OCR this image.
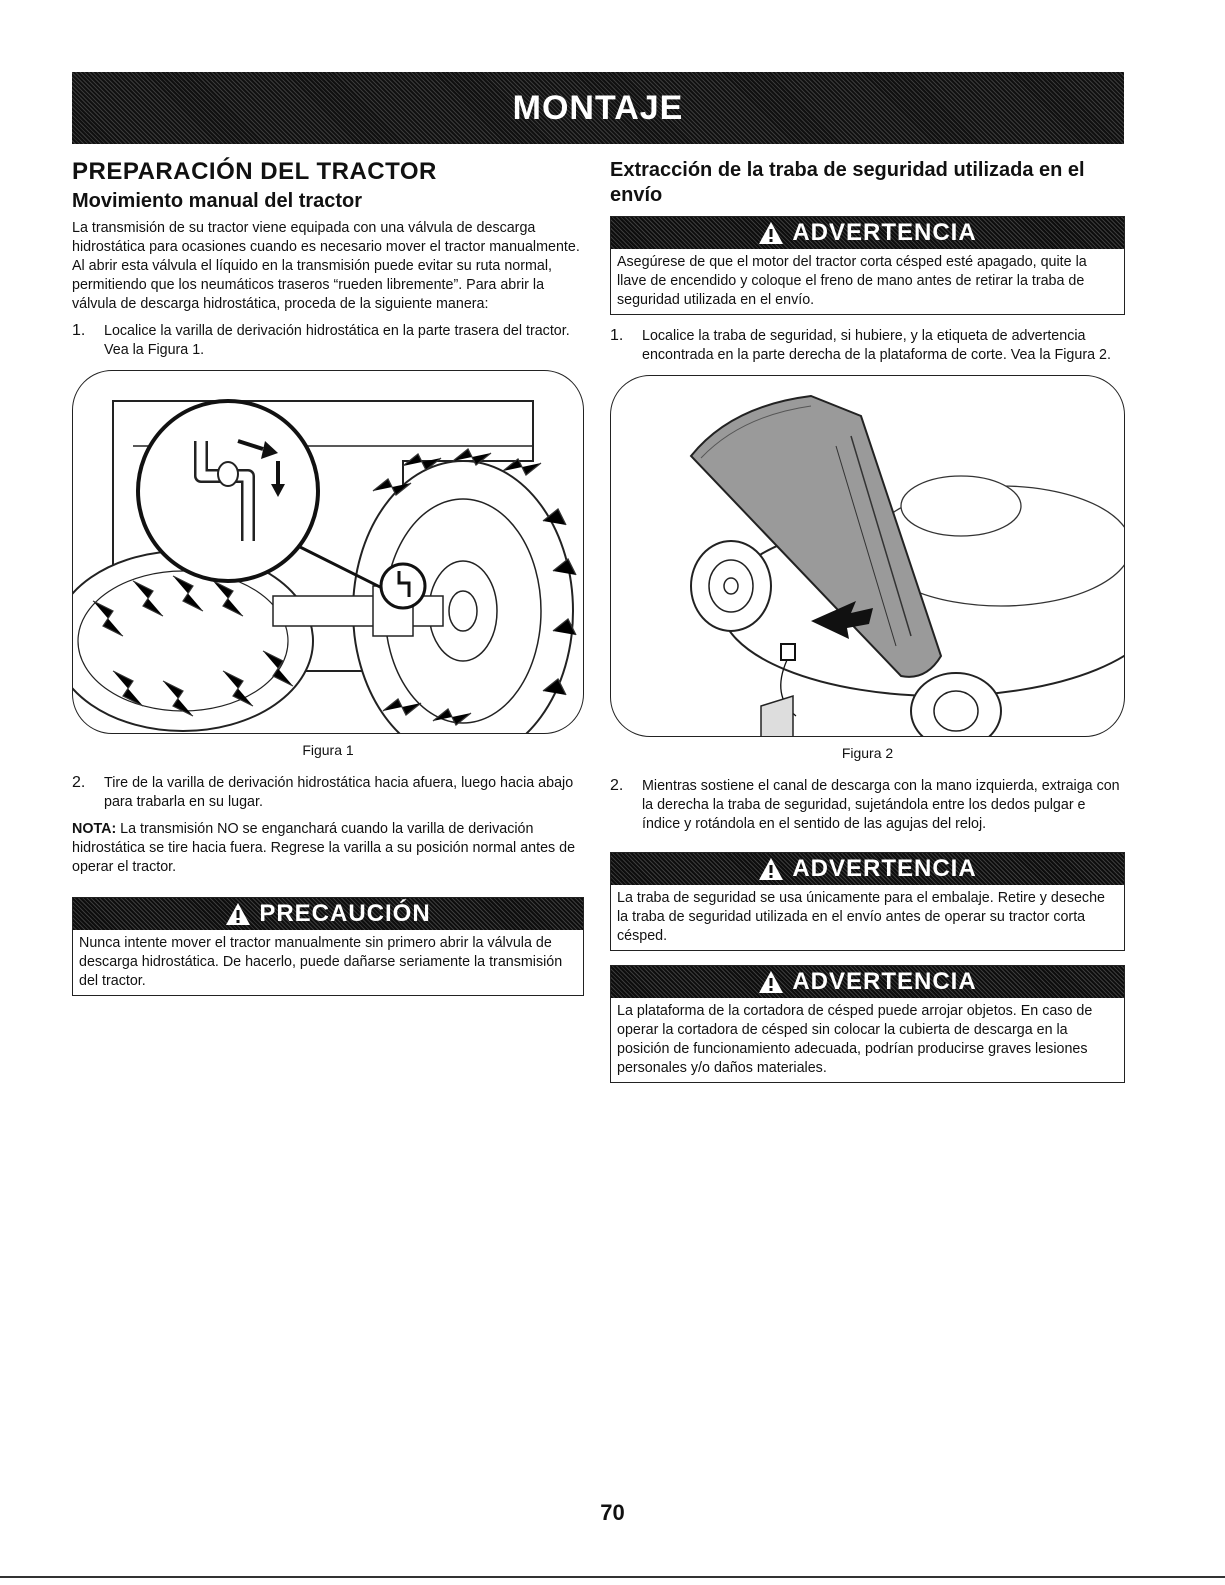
MONTAJE
PREPARACIÓN DEL TRACTOR
Movimiento manual del tractor

La transmisión de su tractor viene equipada con una válvula de descarga hidrostática para ocasiones cuando es necesario mover el tractor manualmente. Al abrir esta válvula el líquido en la transmisión puede evitar su ruta normal, permitiendo que los neumáticos traseros “rueden libremente”. Para abrir la válvula de descarga hidrostática, proceda de la siguiente manera:

1.	Localice la varilla de derivación hidrostática en la parte trasera del tractor. Vea la Figura 1.

Figura 1
2.	Tire de la varilla de derivación hidrostática hacia afuera, luego hacia abajo para trabarla en su lugar.

NOTA: La transmisión NO se enganchará cuando la varilla de derivación hidrostática se tire hacia fuera. Regrese la varilla a su posición normal antes de operar el tractor.

PRECAUCIÓN

Nunca intente mover el tractor manualmente sin primero abrir la válvula de descarga hidrostática. De hacerlo, puede dañarse seriamente la transmisión del tractor.

Extracción de la traba de seguridad utilizada en el envío
ADVERTENCIA

Asegúrese de que el motor del tractor corta césped esté apagado, quite la llave de encendido y coloque el freno de mano antes de retirar la traba de seguridad utilizada en el envío.

1.	Localice la traba de seguridad, si hubiere, y la etiqueta de advertencia encontrada en la parte derecha de la plataforma de corte. Vea la Figura 2.

Figura 2
2.	Mientras sostiene el canal de descarga con la mano izquierda, extraiga con la derecha la traba de seguridad, sujetándola entre los dedos pulgar e índice y rotándola en el sentido de las agujas del reloj.

ADVERTENCIA

La traba de seguridad se usa únicamente para el embalaje. Retire y deseche la traba de seguridad utilizada en el envío antes de operar su tractor corta césped.

ADVERTENCIA

La plataforma de la cortadora de césped puede arrojar objetos. En caso de operar la cortadora de césped sin colocar la cubierta de descarga en la posición de funcionamiento adecuada, podrían producirse graves lesiones personales y/o daños materiales.

70
